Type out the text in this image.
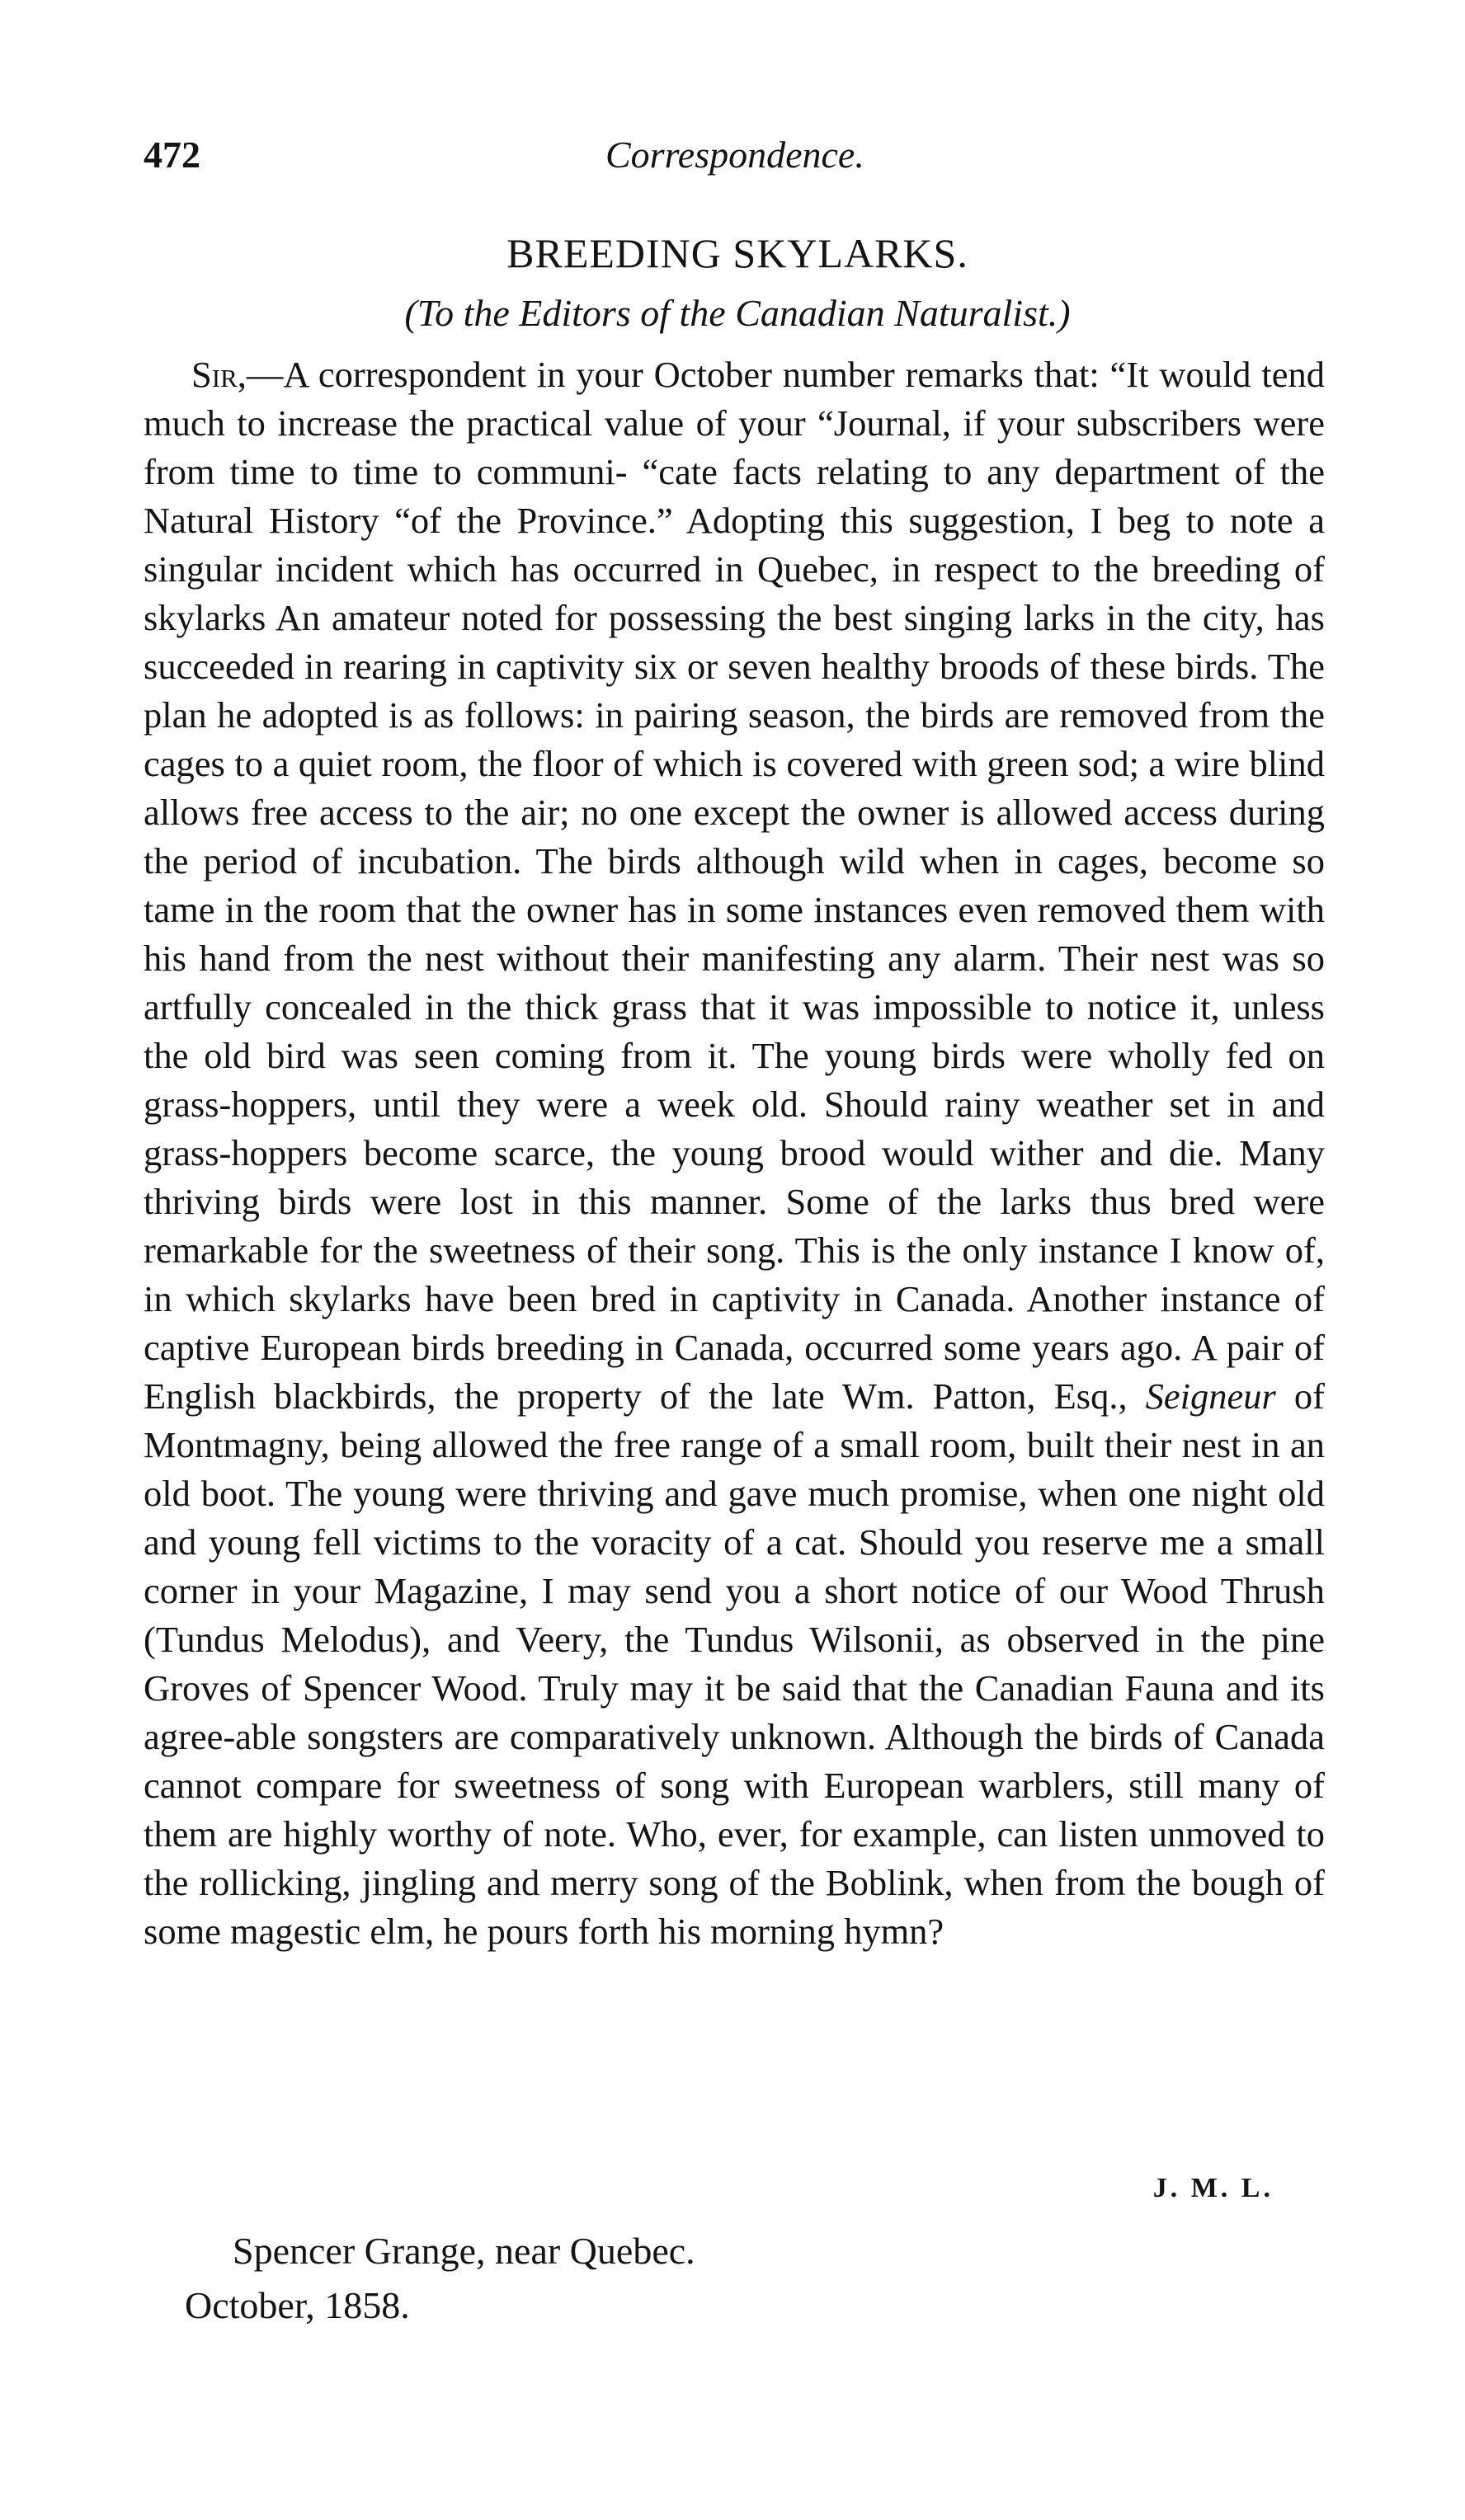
472	Correspondence.
BREEDING SKYLARKS.
(To the Editors of the Canadian Naturalist.)

Sir,—A correspondent in your October number remarks that: “It would tend much to increase the practical value of your “Journal, if your subscribers were from time to time to communi- “cate facts relating to any department of the Natural History “of the Province.” Adopting this suggestion, I beg to note a singular incident which has occurred in Quebec, in respect to the breeding of skylarks An amateur noted for possessing the best singing larks in the city, has succeeded in rearing in captivity six or seven healthy broods of these birds. The plan he adopted is as follows: in pairing season, the birds are removed from the cages to a quiet room, the floor of which is covered with green sod; a wire blind allows free access to the air; no one except the owner is allowed access during the period of incubation. The birds although wild when in cages, become so tame in the room that the owner has in some instances even removed them with his hand from the nest without their manifesting any alarm. Their nest was so artfully concealed in the thick grass that it was impossible to notice it, unless the old bird was seen coming from it. The young birds were wholly fed on grass-hoppers, until they were a week old. Should rainy weather set in and grass-hoppers become scarce, the young brood would wither and die. Many thriving birds were lost in this manner. Some of the larks thus bred were remarkable for the sweetness of their song. This is the only instance I know of, in which skylarks have been bred in captivity in Canada. Another instance of captive European birds breeding in Canada, occurred some years ago. A pair of English blackbirds, the property of the late Wm. Patton, Esq., Seigneur of Montmagny, being allowed the free range of a small room, built their nest in an old boot. The young were thriving and gave much promise, when one night old and young fell victims to the voracity of a cat. Should you reserve me a small corner in your Magazine, I may send you a short notice of our Wood Thrush (Tundus Melodus), and Veery, the Tundus Wilsonii, as observed in the pine Groves of Spencer Wood. Truly may it be said that the Canadian Fauna and its agree-able songsters are comparatively unknown. Although the birds of Canada cannot compare for sweetness of song with European warblers, still many of them are highly worthy of note. Who, ever, for example, can listen unmoved to the rollicking, jingling and merry song of the Boblink, when from the bough of some magestic elm, he pours forth his morning hymn?

J. M. L.
Spencer Grange, near Quebec.
October, 1858.
